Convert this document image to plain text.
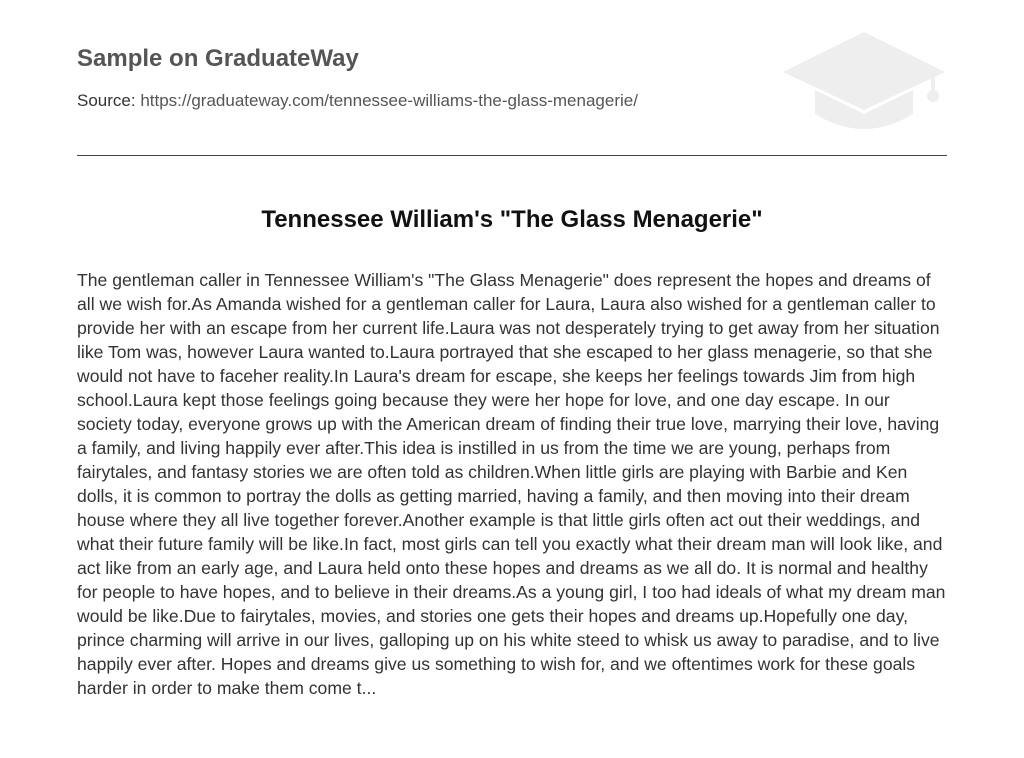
Sample on GraduateWay
Source: https://graduateway.com/tennessee-williams-the-glass-menagerie/
Tennessee William's "The Glass Menagerie"

The gentleman caller in Tennessee William's "The Glass Menagerie" does represent the hopes and dreams of all we wish for.As Amanda wished for a gentleman caller for Laura, Laura also wished for a gentleman caller to provide her with an escape from her current life.Laura was not desperately trying to get away from her situation like Tom was, however Laura wanted to.Laura portrayed that she escaped to her glass menagerie, so that she would not have to faceher reality.In Laura's dream for escape, she keeps her feelings towards Jim from high school.Laura kept those feelings going because they were her hope for love, and one day escape. In our society today, everyone grows up with the American dream of finding their true love, marrying their love, having a family, and living happily ever after.This idea is instilled in us from the time we are young, perhaps from fairytales, and fantasy stories we are often told as children.When little girls are playing with Barbie and Ken dolls, it is common to portray the dolls as getting married, having a family, and then moving into their dream house where they all live together forever.Another example is that little girls often act out their weddings, and what their future family will be like.In fact, most girls can tell you exactly what their dream man will look like, and act like from an early age, and Laura held onto these hopes and dreams as we all do. It is normal and healthy for people to have hopes, and to believe in their dreams.As a young girl, I too had ideals of what my dream man would be like.Due to fairytales, movies, and stories one gets their hopes and dreams up.Hopefully one day, prince charming will arrive in our lives, galloping up on his white steed to whisk us away to paradise, and to live happily ever after. Hopes and dreams give us something to wish for, and we oftentimes work for these goals harder in order to make them come t...
